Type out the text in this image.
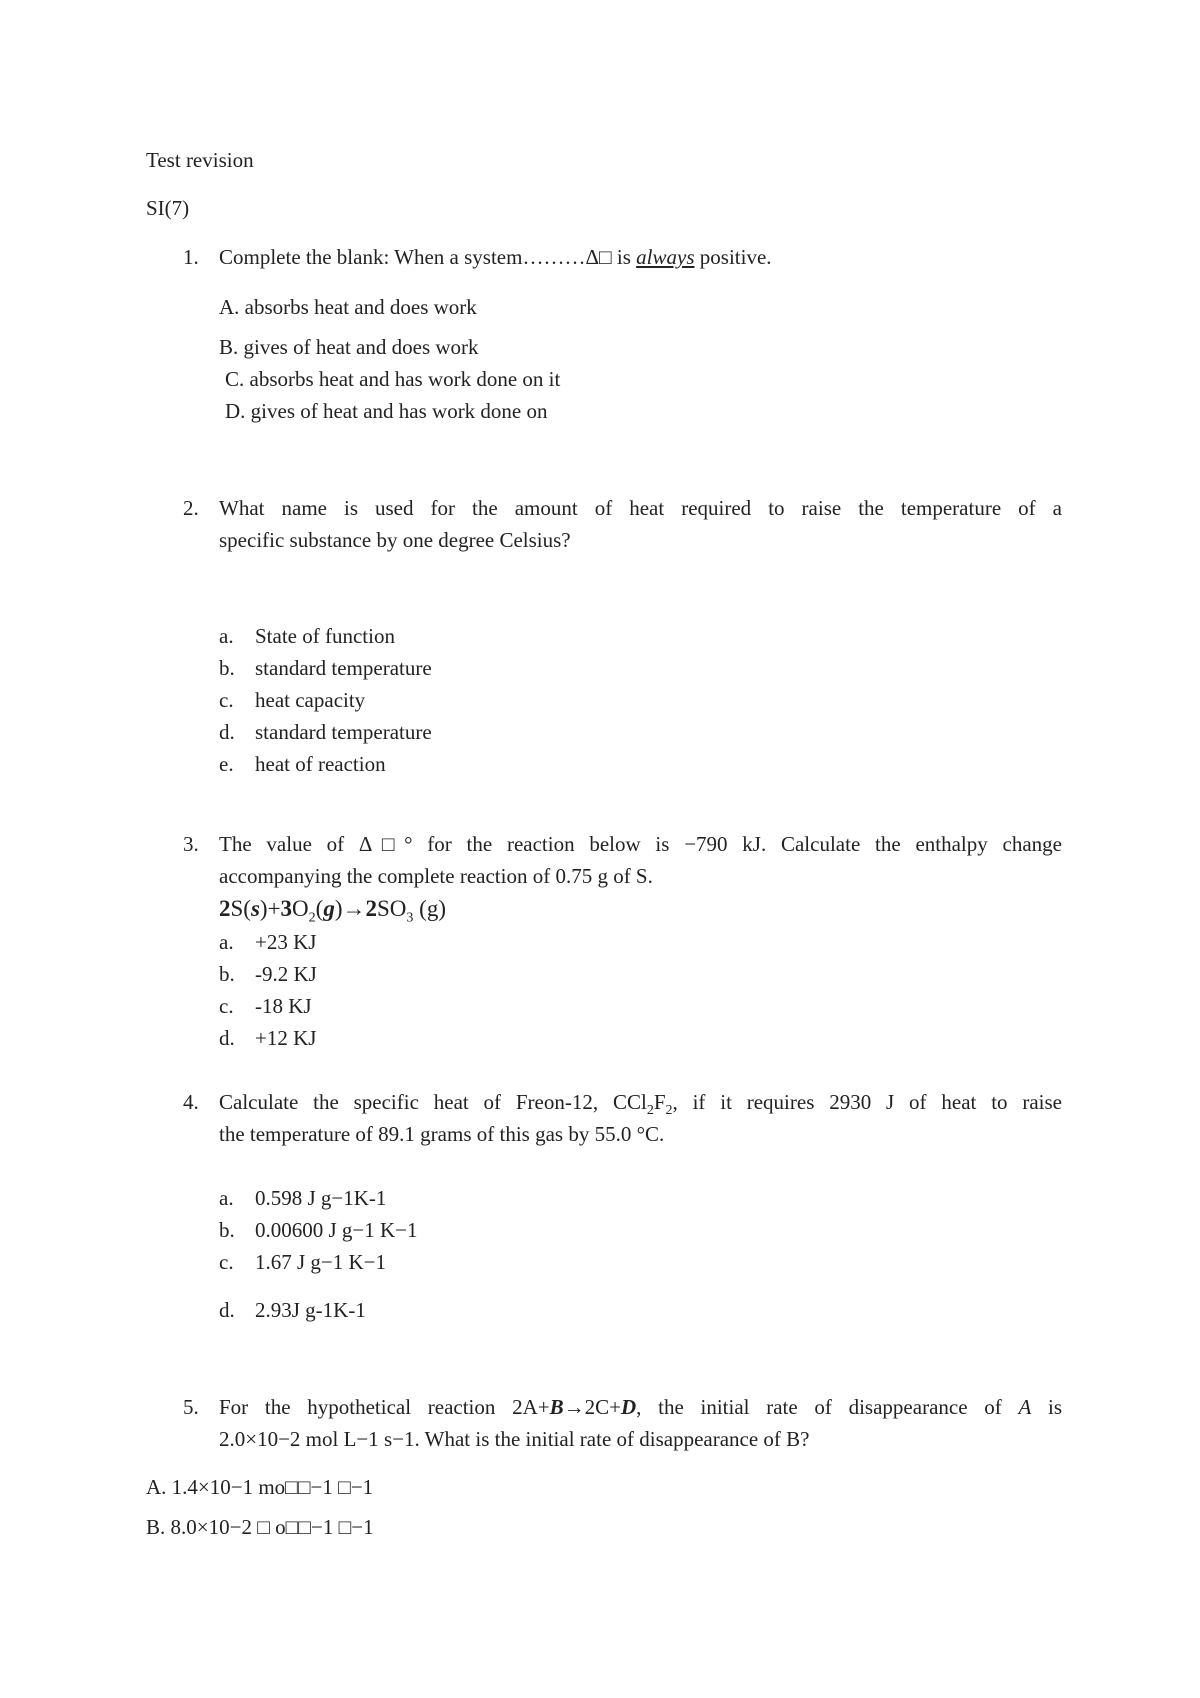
Test revision
SI(7)
1. Complete the blank: When a system………Δ□ is always positive.
A. absorbs heat and does work
B. gives of heat and does work
C. absorbs heat and has work done on it
D. gives of heat and has work done on
2. What name is used for the amount of heat required to raise the temperature of a
specific substance by one degree Celsius?
a. State of function
b. standard temperature
c. heat capacity
d. standard temperature
e. heat of reaction
3. The value of Δ□° for the reaction below is −790 kJ. Calculate the enthalpy change
accompanying the complete reaction of 0.75 g of S.
$2S(s)+3O_2(g)\to 2SO_3$ (g)
a. +23 KJ
b. -9.2 KJ
c. -18 KJ
d. +12 KJ
4. Calculate the specific heat of Freon-12, $CCl_2F_2$, if it requires 2930 J of heat to raise
the temperature of 89.1 grams of this gas by 55.0 °C.
a. 0.598 J g−1K-1
b. 0.00600 J g−1 K−1
c. 1.67 J g−1 K−1
d. 2.93J g-1K-1
5. For the hypothetical reaction 2A+B→2C+D, the initial rate of disappearance of A is
2.0×10−2 mol L−1 s−1. What is the initial rate of disappearance of B?
A. 1.4×10−1 mo□□−1 □−1
B. 8.0×10−2 □ o□□−1 □−1
